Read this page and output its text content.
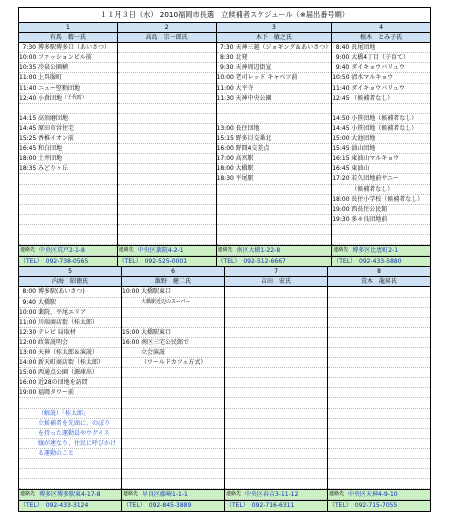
１１月３日（水） 2010福岡市長選　立候補者スケジュール（※届出番号順）
1
有馬　精一氏
7:30 博多駅博多口（あいさつ）
10:00 ファッションビル前
10:35 冷泉公園横
11:00 上呉服町
11:40 ニュー堅粕団地
12:40 小倉団地 （千代町）
14:15 高須磨団地
14:45 原田市営住宅
15:25 香椎イオン前
16:45 和白団地
18:00 土井団地
18:35 みどりヶ丘
連絡先 中央区荒戸2-1-8
（TEL）　092-738-0565
2
高島　宗一郎氏
連絡先 中央区薬院4-2-1
（TEL）　092-525-0001
3
木下　敏之氏
7:30 天神三越（ジョギング＆あいさつ）
8:30 北発
9:30 天神周辺街宣
10:00 老司レッド キャベツ前
11:00 大平寺
11:30 天神中央公園
13:00 長住団地
15:15 野多目交番北
16:00 野間4交差点
17:00 高宮駅
18:00 大橋駅
18:30 平尾駅
連絡先 南区大橋1-22-8
（TEL）　092-512-6667
4
植木　とみ子氏
8:40 長尾団地
9:00 大橋4丁目（子育て）
9:40 ダイキョウバリュウ
10:50 清水マルキョウ
11:40 ダイキョウバリュウ
12:45 （候補者なし）
14:50 小笹団地（候補者なし）
14:45 小笹団地（候補者なし）
15:00 大池団地
15:45 油山団地
16:15 東油山マルキョウ
16:45 東油山
17:20 若久団地前サニー
（候補者なし）
18:00 長住小学校（候補者なし）
19:00 西長住公民館
19:30 多々良団地前
連絡先 博多区比恵町2-1
（TEL）　092-433-5880
5
内海　昭徳氏
8:00 博多駅(あいさつ)
9:40 大橋駅
10:00 薬院、平尾エリア
11:00 川端商店街（桂太郎）
12:30 テレビ 局取材
12:00 政策説明会
13:00 天神（桂太郎＆演説）
14:00 新天町商店街（桂太郎）
15:00 西通点公園（源庫出）
16:00 近28の団地を訪問
19:00 福岡タワー前
（解説）「桂太郎」
立候補者を先頭に、のぼり
を持った運動員やウグイス
嬢が連なり、住民に呼びかけ
る運動のこと
連絡先 博多区博多駅東4-17-8
（TEL）　092-433-3124
6
飯野　健二氏
10:00 大橋駅東口
大橋駅近辺のスーパー
15:00 大橋駅東口
16:00 南区三宅公民館で
立会演説
（ワールドカフェ方式）
連絡先 早良区藤崎1-1-1
（TEL）　092-845-3889
7
吉田　宏氏
連絡先 中央区春吉3-11-12
（TEL）　092-716-6311
8
荒木　龍昇氏
連絡先 中央区天神4-9-10
（TEL）　092-715-7055
